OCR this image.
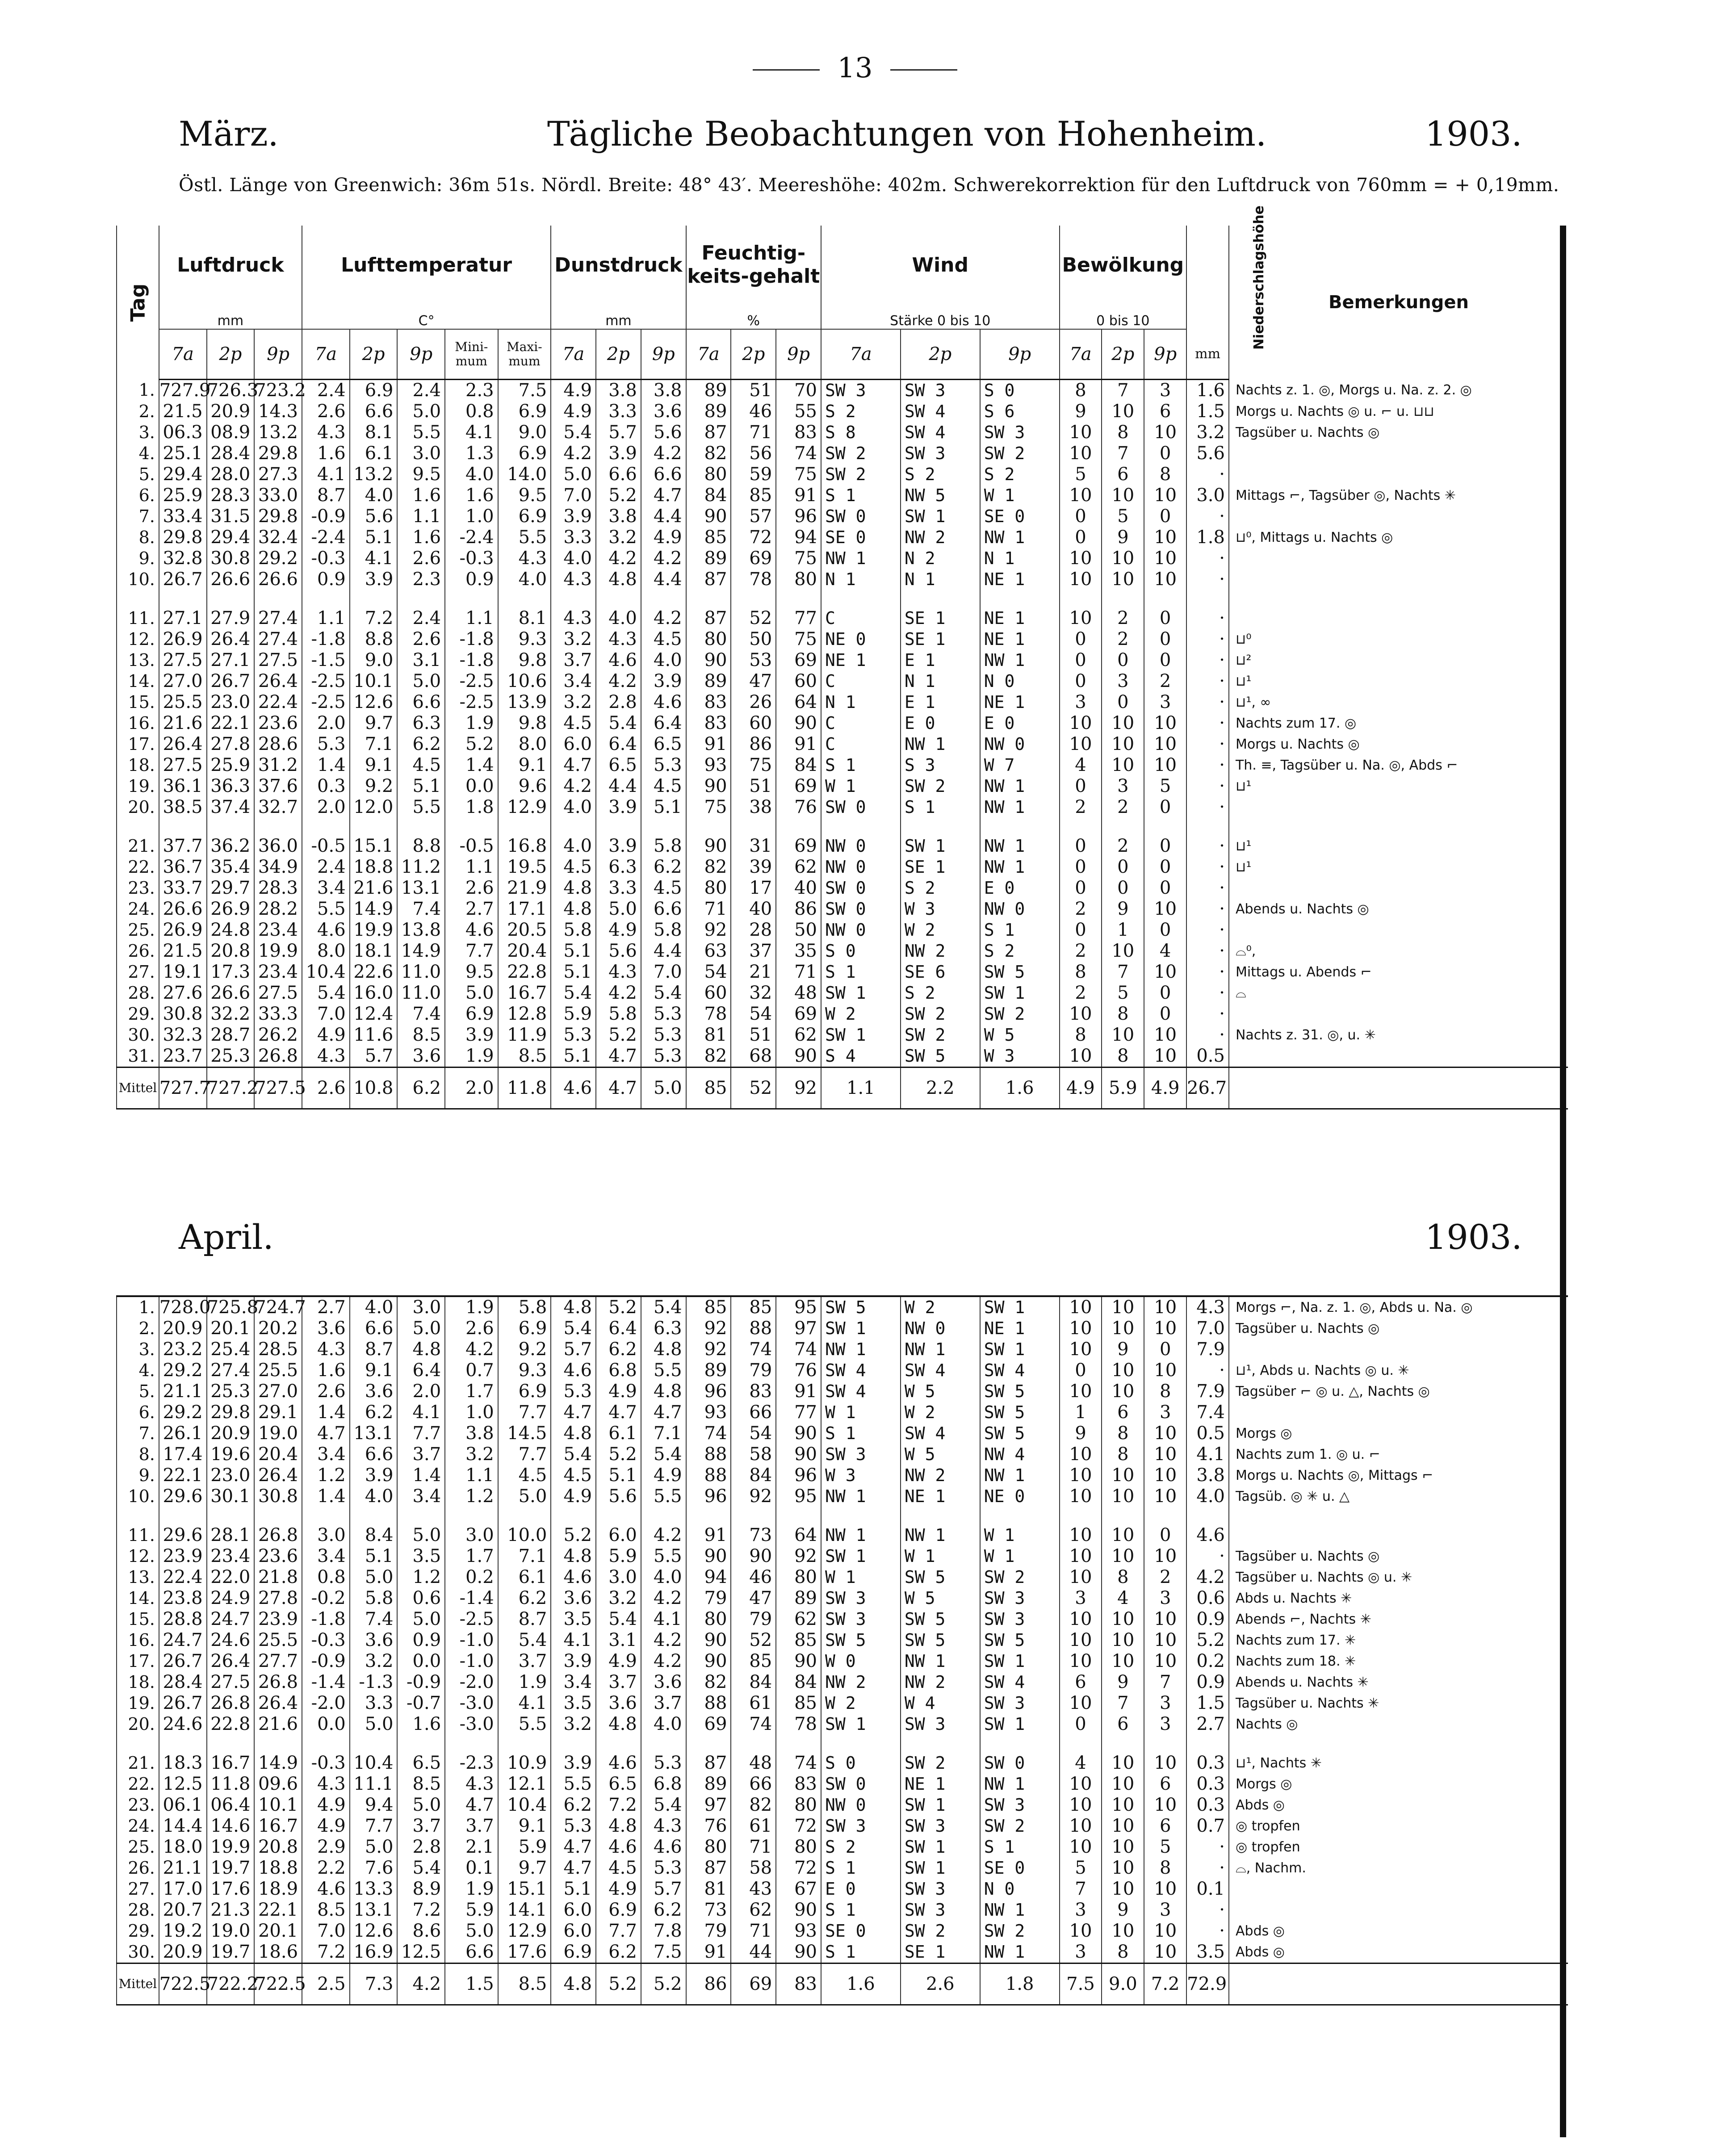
13
März.	Tägliche Beobachtungen von Hohenheim.	1903.
Östl. Länge von Greenwich: 36m 51s. Nördl. Breite: 48° 43′. Meereshöhe: 402m. Schwerekorrektion für den Luftdruck von 760mm = + 0,19mm.
Tag	Luftdruck			Lufttemperatur					Dunstdruck			Feuchtig-keits-gehalt			Wind			Bewölkung			Niederschlagshöhe	Bemerkungen
	mm			C°					mm			%			Stärke 0 bis 10			0 bis 10				
	7a	2p	9p	7a	2p	9p	Mini-mum	Maxi-mum	7a	2p	9p	7a	2p	9p	7a	2p	9p	7a	2p	9p	mm	
1.	727.9	726.3	723.2	2.4	6.9	2.4	2.3	7.5	4.9	3.8	3.8	89	51	70	SW 3	SW 3	S 0	8	7	3	1.6	Nachts z. 1. ◎, Morgs u. Na. z. 2. ◎
2.	21.5	20.9	14.3	2.6	6.6	5.0	0.8	6.9	4.9	3.3	3.6	89	46	55	S 2	SW 4	S 6	9	10	6	1.5	Morgs u. Nachts ◎ u. ⌐ u. ⊔⊔
3.	06.3	08.9	13.2	4.3	8.1	5.5	4.1	9.0	5.4	5.7	5.6	87	71	83	S 8	SW 4	SW 3	10	8	10	3.2	Tagsüber u. Nachts ◎
4.	25.1	28.4	29.8	1.6	6.1	3.0	1.3	6.9	4.2	3.9	4.2	82	56	74	SW 2	SW 3	SW 2	10	7	0	5.6	
5.	29.4	28.0	27.3	4.1	13.2	9.5	4.0	14.0	5.0	6.6	6.6	80	59	75	SW 2	S 2	S 2	5	6	8	·	
6.	25.9	28.3	33.0	8.7	4.0	1.6	1.6	9.5	7.0	5.2	4.7	84	85	91	S 1	NW 5	W 1	10	10	10	3.0	Mittags ⌐, Tagsüber ◎, Nachts ✳
7.	33.4	31.5	29.8	-0.9	5.6	1.1	1.0	6.9	3.9	3.8	4.4	90	57	96	SW 0	SW 1	SE 0	0	5	0	·	
8.	29.8	29.4	32.4	-2.4	5.1	1.6	-2.4	5.5	3.3	3.2	4.9	85	72	94	SE 0	NW 2	NW 1	0	9	10	1.8	⊔⁰, Mittags u. Nachts ◎
9.	32.8	30.8	29.2	-0.3	4.1	2.6	-0.3	4.3	4.0	4.2	4.2	89	69	75	NW 1	N 2	N 1	10	10	10	·	
10.	26.7	26.6	26.6	0.9	3.9	2.3	0.9	4.0	4.3	4.8	4.4	87	78	80	N 1	N 1	NE 1	10	10	10	·	

11.	27.1	27.9	27.4	1.1	7.2	2.4	1.1	8.1	4.3	4.0	4.2	87	52	77	C	SE 1	NE 1	10	2	0	·	
12.	26.9	26.4	27.4	-1.8	8.8	2.6	-1.8	9.3	3.2	4.3	4.5	80	50	75	NE 0	SE 1	NE 1	0	2	0	·	⊔⁰
13.	27.5	27.1	27.5	-1.5	9.0	3.1	-1.8	9.8	3.7	4.6	4.0	90	53	69	NE 1	E 1	NW 1	0	0	0	·	⊔²
14.	27.0	26.7	26.4	-2.5	10.1	5.0	-2.5	10.6	3.4	4.2	3.9	89	47	60	C	N 1	N 0	0	3	2	·	⊔¹
15.	25.5	23.0	22.4	-2.5	12.6	6.6	-2.5	13.9	3.2	2.8	4.6	83	26	64	N 1	E 1	NE 1	3	0	3	·	⊔¹, ∞
16.	21.6	22.1	23.6	2.0	9.7	6.3	1.9	9.8	4.5	5.4	6.4	83	60	90	C	E 0	E 0	10	10	10	·	Nachts zum 17. ◎
17.	26.4	27.8	28.6	5.3	7.1	6.2	5.2	8.0	6.0	6.4	6.5	91	86	91	C	NW 1	NW 0	10	10	10	·	Morgs u. Nachts ◎
18.	27.5	25.9	31.2	1.4	9.1	4.5	1.4	9.1	4.7	6.5	5.3	93	75	84	S 1	S 3	W 7	4	10	10	·	Th. ≡, Tagsüber u. Na. ◎, Abds ⌐
19.	36.1	36.3	37.6	0.3	9.2	5.1	0.0	9.6	4.2	4.4	4.5	90	51	69	W 1	SW 2	NW 1	0	3	5	·	⊔¹
20.	38.5	37.4	32.7	2.0	12.0	5.5	1.8	12.9	4.0	3.9	5.1	75	38	76	SW 0	S 1	NW 1	2	2	0	·	

21.	37.7	36.2	36.0	-0.5	15.1	8.8	-0.5	16.8	4.0	3.9	5.8	90	31	69	NW 0	SW 1	NW 1	0	2	0	·	⊔¹
22.	36.7	35.4	34.9	2.4	18.8	11.2	1.1	19.5	4.5	6.3	6.2	82	39	62	NW 0	SE 1	NW 1	0	0	0	·	⊔¹
23.	33.7	29.7	28.3	3.4	21.6	13.1	2.6	21.9	4.8	3.3	4.5	80	17	40	SW 0	S 2	E 0	0	0	0	·	
24.	26.6	26.9	28.2	5.5	14.9	7.4	2.7	17.1	4.8	5.0	6.6	71	40	86	SW 0	W 3	NW 0	2	9	10	·	Abends u. Nachts ◎
25.	26.9	24.8	23.4	4.6	19.9	13.8	4.6	20.5	5.8	4.9	5.8	92	28	50	NW 0	W 2	S 1	0	1	0	·	
26.	21.5	20.8	19.9	8.0	18.1	14.9	7.7	20.4	5.1	5.6	4.4	63	37	35	S 0	NW 2	S 2	2	10	4	·	⌓⁰,
27.	19.1	17.3	23.4	10.4	22.6	11.0	9.5	22.8	5.1	4.3	7.0	54	21	71	S 1	SE 6	SW 5	8	7	10	·	Mittags u. Abends ⌐
28.	27.6	26.6	27.5	5.4	16.0	11.0	5.0	16.7	5.4	4.2	5.4	60	32	48	SW 1	S 2	SW 1	2	5	0	·	⌓
29.	30.8	32.2	33.3	7.0	12.4	7.4	6.9	12.8	5.9	5.8	5.3	78	54	69	W 2	SW 2	SW 2	10	8	0	·	
30.	32.3	28.7	26.2	4.9	11.6	8.5	3.9	11.9	5.3	5.2	5.3	81	51	62	SW 1	SW 2	W 5	8	10	10	·	Nachts z. 31. ◎, u. ✳
31.	23.7	25.3	26.8	4.3	5.7	3.6	1.9	8.5	5.1	4.7	5.3	82	68	90	S 4	SW 5	W 3	10	8	10	0.5	
Mittel	727.7	727.2	727.5	2.6	10.8	6.2	2.0	11.8	4.6	4.7	5.0	85	52	92	1.1	2.2	1.6	4.9	5.9	4.9	26.7	
April.	1903.
1.	728.0	725.8	724.7	2.7	4.0	3.0	1.9	5.8	4.8	5.2	5.4	85	85	95	SW 5	W 2	SW 1	10	10	10	4.3	Morgs ⌐, Na. z. 1. ◎, Abds u. Na. ◎
2.	20.9	20.1	20.2	3.6	6.6	5.0	2.6	6.9	5.4	6.4	6.3	92	88	97	SW 1	NW 0	NE 1	10	10	10	7.0	Tagsüber u. Nachts ◎
3.	23.2	25.4	28.5	4.3	8.7	4.8	4.2	9.2	5.7	6.2	4.8	92	74	74	NW 1	NW 1	SW 1	10	9	0	7.9	
4.	29.2	27.4	25.5	1.6	9.1	6.4	0.7	9.3	4.6	6.8	5.5	89	79	76	SW 4	SW 4	SW 4	0	10	10	·	⊔¹, Abds u. Nachts ◎ u. ✳
5.	21.1	25.3	27.0	2.6	3.6	2.0	1.7	6.9	5.3	4.9	4.8	96	83	91	SW 4	W 5	SW 5	10	10	8	7.9	Tagsüber ⌐ ◎ u. △, Nachts ◎
6.	29.2	29.8	29.1	1.4	6.2	4.1	1.0	7.7	4.7	4.7	4.7	93	66	77	W 1	W 2	SW 5	1	6	3	7.4	
7.	26.1	20.9	19.0	4.7	13.1	7.7	3.8	14.5	4.8	6.1	7.1	74	54	90	S 1	SW 4	SW 5	9	8	10	0.5	Morgs ◎
8.	17.4	19.6	20.4	3.4	6.6	3.7	3.2	7.7	5.4	5.2	5.4	88	58	90	SW 3	W 5	NW 4	10	8	10	4.1	Nachts zum 1. ◎ u. ⌐
9.	22.1	23.0	26.4	1.2	3.9	1.4	1.1	4.5	4.5	5.1	4.9	88	84	96	W 3	NW 2	NW 1	10	10	10	3.8	Morgs u. Nachts ◎, Mittags ⌐
10.	29.6	30.1	30.8	1.4	4.0	3.4	1.2	5.0	4.9	5.6	5.5	96	92	95	NW 1	NE 1	NE 0	10	10	10	4.0	Tagsüb. ◎ ✳ u. △

11.	29.6	28.1	26.8	3.0	8.4	5.0	3.0	10.0	5.2	6.0	4.2	91	73	64	NW 1	NW 1	W 1	10	10	0	4.6	
12.	23.9	23.4	23.6	3.4	5.1	3.5	1.7	7.1	4.8	5.9	5.5	90	90	92	SW 1	W 1	W 1	10	10	10	·	Tagsüber u. Nachts ◎
13.	22.4	22.0	21.8	0.8	5.0	1.2	0.2	6.1	4.6	3.0	4.0	94	46	80	W 1	SW 5	SW 2	10	8	2	4.2	Tagsüber u. Nachts ◎ u. ✳
14.	23.8	24.9	27.8	-0.2	5.8	0.6	-1.4	6.2	3.6	3.2	4.2	79	47	89	SW 3	W 5	SW 3	3	4	3	0.6	Abds u. Nachts ✳
15.	28.8	24.7	23.9	-1.8	7.4	5.0	-2.5	8.7	3.5	5.4	4.1	80	79	62	SW 3	SW 5	SW 3	10	10	10	0.9	Abends ⌐, Nachts ✳
16.	24.7	24.6	25.5	-0.3	3.6	0.9	-1.0	5.4	4.1	3.1	4.2	90	52	85	SW 5	SW 5	SW 5	10	10	10	5.2	Nachts zum 17. ✳
17.	26.7	26.4	27.7	-0.9	3.2	0.0	-1.0	3.7	3.9	4.9	4.2	90	85	90	W 0	NW 1	SW 1	10	10	10	0.2	Nachts zum 18. ✳
18.	28.4	27.5	26.8	-1.4	-1.3	-0.9	-2.0	1.9	3.4	3.7	3.6	82	84	84	NW 2	NW 2	SW 4	6	9	7	0.9	Abends u. Nachts ✳
19.	26.7	26.8	26.4	-2.0	3.3	-0.7	-3.0	4.1	3.5	3.6	3.7	88	61	85	W 2	W 4	SW 3	10	7	3	1.5	Tagsüber u. Nachts ✳
20.	24.6	22.8	21.6	0.0	5.0	1.6	-3.0	5.5	3.2	4.8	4.0	69	74	78	SW 1	SW 3	SW 1	0	6	3	2.7	Nachts ◎

21.	18.3	16.7	14.9	-0.3	10.4	6.5	-2.3	10.9	3.9	4.6	5.3	87	48	74	S 0	SW 2	SW 0	4	10	10	0.3	⊔¹, Nachts ✳
22.	12.5	11.8	09.6	4.3	11.1	8.5	4.3	12.1	5.5	6.5	6.8	89	66	83	SW 0	NE 1	NW 1	10	10	6	0.3	Morgs ◎
23.	06.1	06.4	10.1	4.9	9.4	5.0	4.7	10.4	6.2	7.2	5.4	97	82	80	NW 0	SW 1	SW 3	10	10	10	0.3	Abds ◎
24.	14.4	14.6	16.7	4.9	7.7	3.7	3.7	9.1	5.3	4.8	4.3	76	61	72	SW 3	SW 3	SW 2	10	10	6	0.7	◎ tropfen
25.	18.0	19.9	20.8	2.9	5.0	2.8	2.1	5.9	4.7	4.6	4.6	80	71	80	S 2	SW 1	S 1	10	10	5	·	◎ tropfen
26.	21.1	19.7	18.8	2.2	7.6	5.4	0.1	9.7	4.7	4.5	5.3	87	58	72	S 1	SW 1	SE 0	5	10	8	·	⌓, Nachm.
27.	17.0	17.6	18.9	4.6	13.3	8.9	1.9	15.1	5.1	4.9	5.7	81	43	67	E 0	SW 3	N 0	7	10	10	0.1	
28.	20.7	21.3	22.1	8.5	13.1	7.2	5.9	14.1	6.0	6.9	6.2	73	62	90	S 1	SW 3	NW 1	3	9	3	·	
29.	19.2	19.0	20.1	7.0	12.6	8.6	5.0	12.9	6.0	7.7	7.8	79	71	93	SE 0	SW 2	SW 2	10	10	10	·	Abds ◎
30.	20.9	19.7	18.6	7.2	16.9	12.5	6.6	17.6	6.9	6.2	7.5	91	44	90	S 1	SE 1	NW 1	3	8	10	3.5	Abds ◎
Mittel	722.5	722.2	722.5	2.5	7.3	4.2	1.5	8.5	4.8	5.2	5.2	86	69	83	1.6	2.6	1.8	7.5	9.0	7.2	72.9	
